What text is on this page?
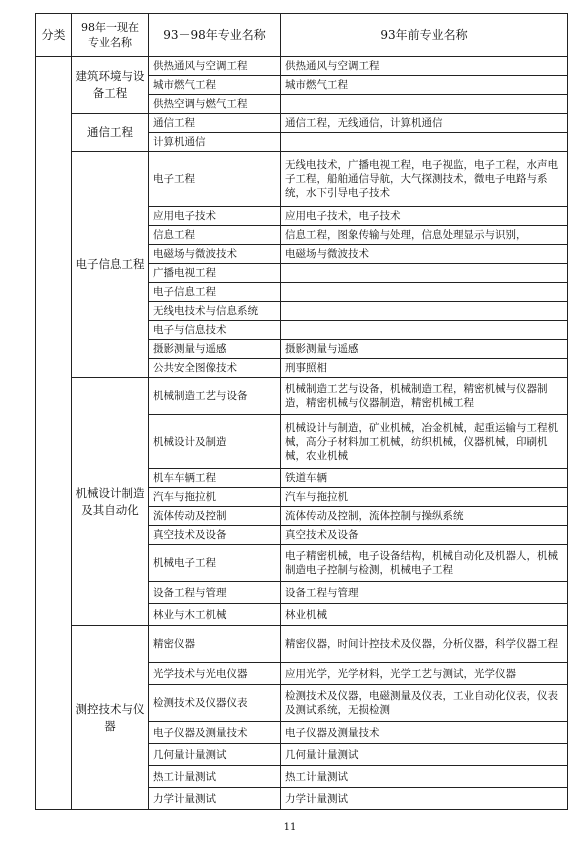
分类	98年一现在专业名称	93－98年专业名称	93年前专业名称
	建筑环境与设备工程	供热通风与空调工程	供热通风与空调工程
		城市燃气工程	城市燃气工程
		供热空调与燃气工程	
	通信工程	通信工程	通信工程，无线通信，计算机通信
		计算机通信	
	电子信息工程	电子工程	无线电技术，广播电视工程，电子视监，电子工程，水声电子工程，船舶通信导航，大气探测技术，微电子电路与系统，水下引导电子技术
		应用电子技术	应用电子技术，电子技术
		信息工程	信息工程，图象传输与处理，信息处理显示与识别，
		电磁场与微波技术	电磁场与微波技术
		广播电视工程	
		电子信息工程	
		无线电技术与信息系统	
		电子与信息技术	
		摄影测量与遥感	摄影测量与遥感
		公共安全图像技术	刑事照相
	机械设计制造及其自动化	机械制造工艺与设备	机械制造工艺与设备，机械制造工程，精密机械与仪器制造，精密机械与仪器制造，精密机械工程
		机械设计及制造	机械设计与制造，矿业机械，冶金机械，起重运输与工程机械，高分子材料加工机械，纺织机械，仪器机械，印刷机械，农业机械
		机车车辆工程	铁道车辆
		汽车与拖拉机	汽车与拖拉机
		流体传动及控制	流体传动及控制，流体控制与操纵系统
		真空技术及设备	真空技术及设备
		机械电子工程	电子精密机械，电子设备结构，机械自动化及机器人，机械制造电子控制与检测，机械电子工程
		设备工程与管理	设备工程与管理
		林业与木工机械	林业机械
	测控技术与仪器	精密仪器	精密仪器，时间计控技术及仪器，分析仪器，科学仪器工程
		光学技术与光电仪器	应用光学，光学材料，光学工艺与测试，光学仪器
		检测技术及仪器仪表	检测技术及仪器，电磁测量及仪表，工业自动化仪表，仪表及测试系统，无损检测
		电子仪器及测量技术	电子仪器及测量技术
		几何量计量测试	几何量计量测试
		热工计量测试	热工计量测试
		力学计量测试	力学计量测试
11
